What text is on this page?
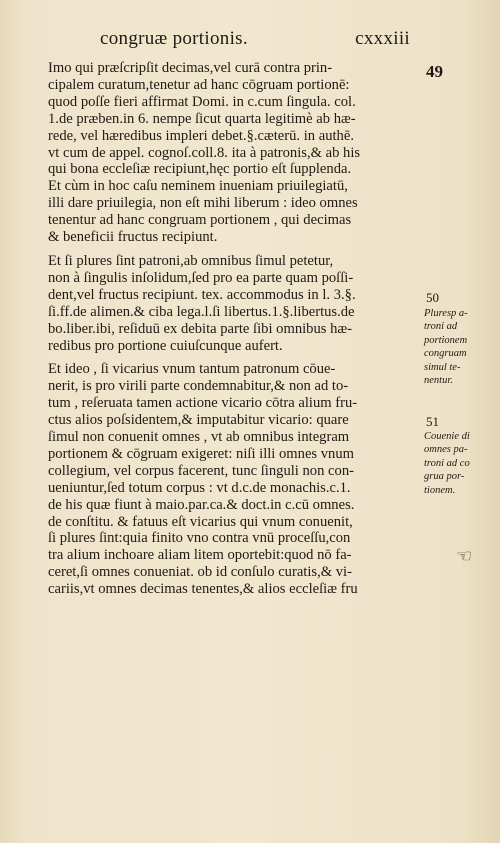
congruæ portionis.	cxxxiii
49
Imo qui præſcripſit decimas,vel curā contra prin-
cipalem curatum,tenetur ad hanc cōgruam portionē:
quod poſſe fieri affirmat Domi. in c.cum ſingula. col.
1.de præben.in 6. nempe ſicut quarta legitimè ab hæ-
rede, vel hæredibus impleri debet.§.cæterū. in authē.
vt cum de appel. cognoſ.coll.8. ita à patronis,& ab his
qui bona eccleſiæ recipiunt,hęc portio eſt ſupplenda.
Et cùm in hoc caſu neminem inueniam priuilegiatū,
illi dare priuilegia, non eſt mihi liberum : ideo omnes
tenentur ad hanc congruam portionem , qui decimas
& beneficii fructus recipiunt.
Et ſi plures ſint patroni,ab omnibus ſimul petetur,
non à ſingulis inſolidum,ſed pro ea parte quam poſſi-
dent,vel fructus recipiunt. tex. accommodus in l. 3.§.
ſi.ff.de alimen.& ciba lega.l.ſi libertus.1.§.libertus.de
bo.liber.ibi, reſiduū ex debita parte ſibi omnibus hæ-
redibus pro portione cuiuſcunque aufert.
Et ideo , ſi vicarius vnum tantum patronum cōue-
nerit, is pro virili parte condemnabitur,& non ad to-
tum , reſeruata tamen actione vicario cōtra alium fru-
ctus alios poſsidentem,& imputabitur vicario: quare
ſimul non conuenit omnes , vt ab omnibus integram
portionem & cōgruam exigeret: niſi illi omnes vnum
collegium, vel corpus facerent, tunc ſinguli non con-
ueniuntur,ſed totum corpus : vt d.c.de monachis.c.1.
de his quæ fiunt à maio.par.ca.& doct.in c.cū omnes.
de conſtitu. & fatuus eſt vicarius qui vnum conuenit,
ſi plures ſint:quia finito vno contra vnū proceſſu,con
tra alium inchoare aliam litem oportebit:quod nō fa-
ceret,ſi omnes conueniat. ob id conſulo curatis,& vi-
cariis,vt omnes decimas tenentes,& alios eccleſiæ fru
50
Pluresp a-
troni ad
portionem
congruam
simul te-
nentur.
51
Couenie di
omnes pa-
troni ad co
grua por-
tionem.
☜
